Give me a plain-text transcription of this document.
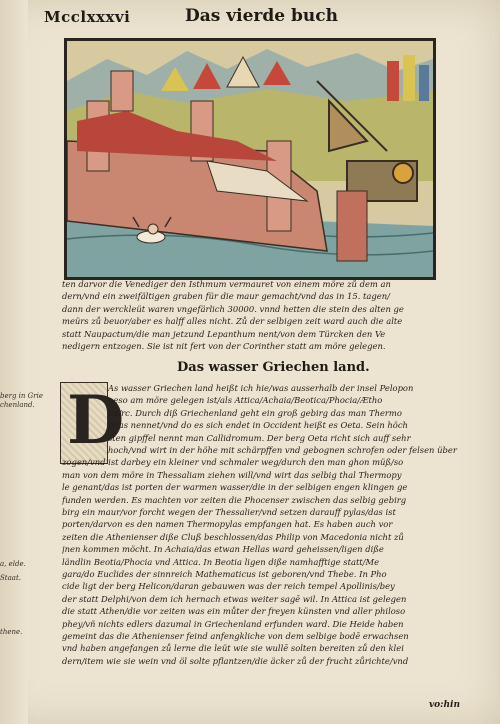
Mcclxxxvi	Das vierde buch
ten darvor die Venediger den Isthmum vermauret von einem möre zů dem an
dern/vnd ein zweifältigen graben für die maur gemacht/vnd das in 15. tagen/
dann der werckleüt waren vngefärlich 30000. vnnd hetten die stein des alten ge
meürs zů beuor/aber es halff alles nicht. Zů der selbigen zeit ward auch die alte
statt Naupactum/die man jetzund Lepanthum nent/von dem Türcken den Ve
nedigern entzogen. Sie ist nit fert von der Corinther statt am möre gelegen.
Das wasser Griechen land.
D
As wasser Griechen land heißt ich hie/was ausserhalb der insel Pelopon
neso am möre gelegen ist/als Attica/Achaia/Beotica/Phocia/Ætho
lia/rc. Durch diß Griechenland geht ein groß gebirg das man Thermo
pilas nennet/vnd do es sich endet in Occident heißt es Oeta. Sein höch
sten gipffel nennt man Callidromum. Der berg Oeta richt sich auff sehr
hoch/vnd wirt in der höhe mit schärpffen vnd gebognen schrofen oder felsen über
zogen/vnd ist darbey ein kleiner vnd schmaler weg/durch den man ghon müß/so
man von dem möre in Thessaliam ziehen will/vnd wirt das selbig thal Thermopy
le genant/das ist porten der warmen wasser/die in der selbigen engen klingen ge
funden werden. Es machten vor zeiten die Phocenser zwischen das selbig gebirg
birg ein maur/vor forcht wegen der Thessalier/vnd setzen darauff pylas/das ist
porten/darvon es den namen Thermopylas empfangen hat. Es haben auch vor
zeiten die Athenienser diße Cluß beschlossen/das Philip von Macedonia nicht zů
jnen kommen möcht. In Achaia/das etwan Hellas ward geheissen/ligen diße
ländlin Beotia/Phocia vnd Attica. In Beotia ligen diße namhafftige statt/Me
gara/do Euclides der sinnreich Mathematicus ist geboren/vnd Thebe. In Pho
cide ligt der berg Helicon/daran gebauwen was der reich tempel Apollinis/bey
der statt Delphi/von dem ich hernach etwas weiter sagē wil. In Attica ist gelegen
die statt Athen/die vor zeiten was ein můter der freyen künsten vnd aller philoso
phey/vñ nichts edlers dazumal in Griechenland erfunden ward. Die Heide haben
gemeint das die Athenienser feind anfengkliche von dem selbige bodē erwachsen
vnd haben angefangen zů lerne die leüt wie sie wullē solten bereiten zů den klei
dern/item wie sie wein vnd öl solte pflantzen/die äcker zů der frucht zůrichte/vnd
berg in Grie
chenland.
a, elde.
Staat.
thene.
vo:hin
